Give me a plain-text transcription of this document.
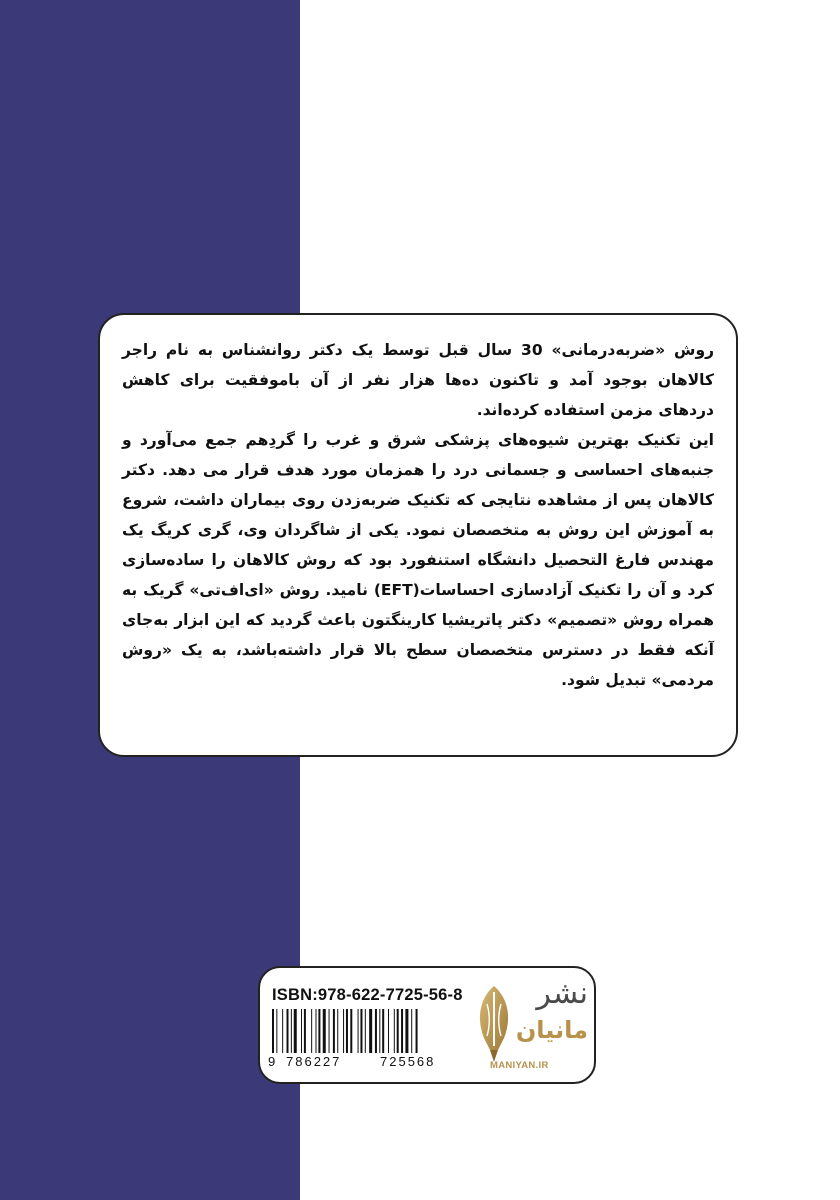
روش «ضربه‌درمانی» 30 سال قبل توسط یک دکتر روانشناس به نام راجر کالاهان بوجود آمد و تاکنون ده‌ها هزار نفر از آن باموفقیت برای کاهش دردهای مزمن استفاده کرده‌اند.

این تکنیک بهترین شیوه‌های پزشکی شرق و غرب را گردِهم جمع می‌آورد و جنبه‌های احساسی و جسمانی درد را همزمان مورد هدف قرار می دهد. دکتر کالاهان پس از مشاهده نتایجی که تکنیک ضربه‌زدن روی بیماران داشت، شروع به آموزش این روش به متخصصان نمود. یکی از شاگردان وی، گری کریگ یک مهندس فارغ التحصیل دانشگاه استنفورد بود که روش کالاهان را ساده‌سازی کرد و آن را تکنیک آزادسازی احساسات(EFT) نامید. روش «ای‌اف‌تی» گریک به همراه روش «تصمیم» دکتر پاتریشیا کارینگتون باعث گردید که این ابزار به‌جای آنکه فقط در دسترس متخصصان سطح بالا قرار داشته‌باشد، به یک «روش مردمی» تبدیل شود.

ISBN:978-622-7725-56-8
9 786227	725568
نشر
مانیان
MANIYAN.IR
